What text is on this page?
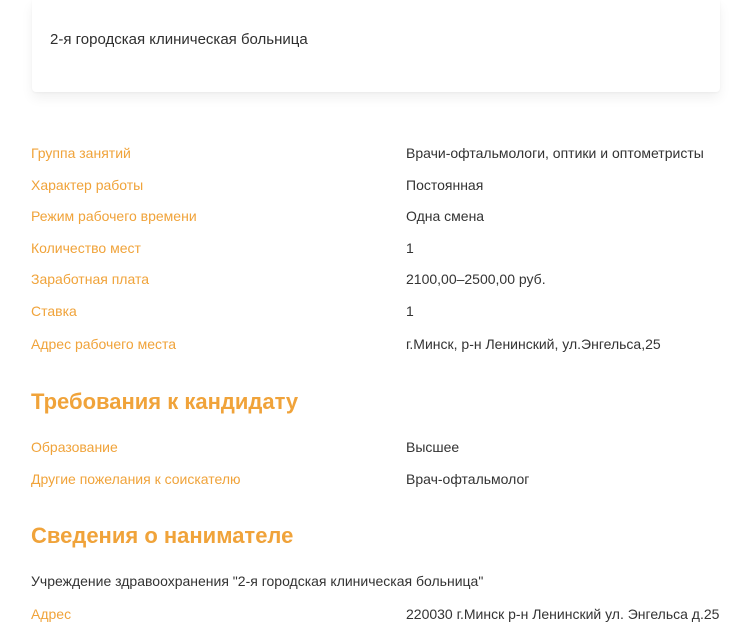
2-я городская клиническая больница
Группа занятий	Врачи-офтальмологи, оптики и оптометристы
Характер работы	Постоянная
Режим рабочего времени	Одна смена
Количество мест	1
Заработная плата	2100,00–2500,00 руб.
Ставка	1
Адрес рабочего места	г.Минск, р-н Ленинский, ул.Энгельса,25
Требования к кандидату
Образование	Высшее
Другие пожелания к соискателю	Врач-офтальмолог
Сведения о нанимателе
Учреждение здравоохранения "2-я городская клиническая больница"
Адрес	220030 г.Минск р-н Ленинский ул. Энгельса д.25
